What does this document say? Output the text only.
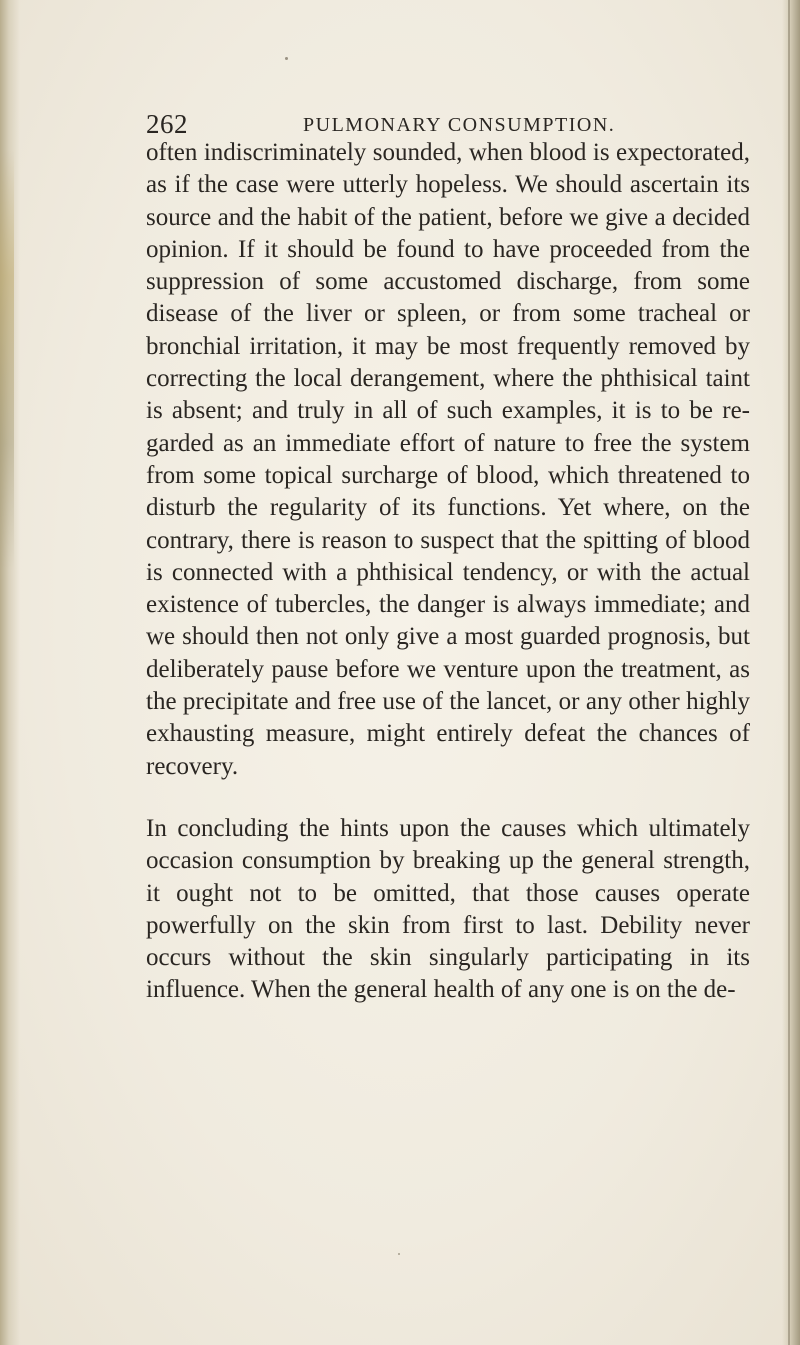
262	PULMONARY CONSUMPTION.

often indiscriminately sounded, when blood is expectorated, as if the case were utterly hopeless. We should ascertain its source and the habit of the patient, before we give a decided opinion. If it should be found to have proceeded from the suppression of some accustomed discharge, from some disease of the liver or spleen, or from some tracheal or bronchial irritation, it may be most frequently removed by correcting the local derangement, where the phthisical taint is absent; and truly in all of such examples, it is to be regarded as an immediate effort of nature to free the system from some topical surcharge of blood, which threatened to disturb the regularity of its functions. Yet where, on the contrary, there is reason to suspect that the spitting of blood is connected with a phthisical tendency, or with the actual existence of tubercles, the danger is always immediate; and we should then not only give a most guarded prognosis, but deliberately pause before we venture upon the treatment, as the precipitate and free use of the lancet, or any other highly exhausting measure, might entirely defeat the chances of recovery.

In concluding the hints upon the causes which ultimately occasion consumption by breaking up the general strength, it ought not to be omitted, that those causes operate powerfully on the skin from first to last. Debility never occurs without the skin singularly participating in its influence. When the general health of any one is on the de-
